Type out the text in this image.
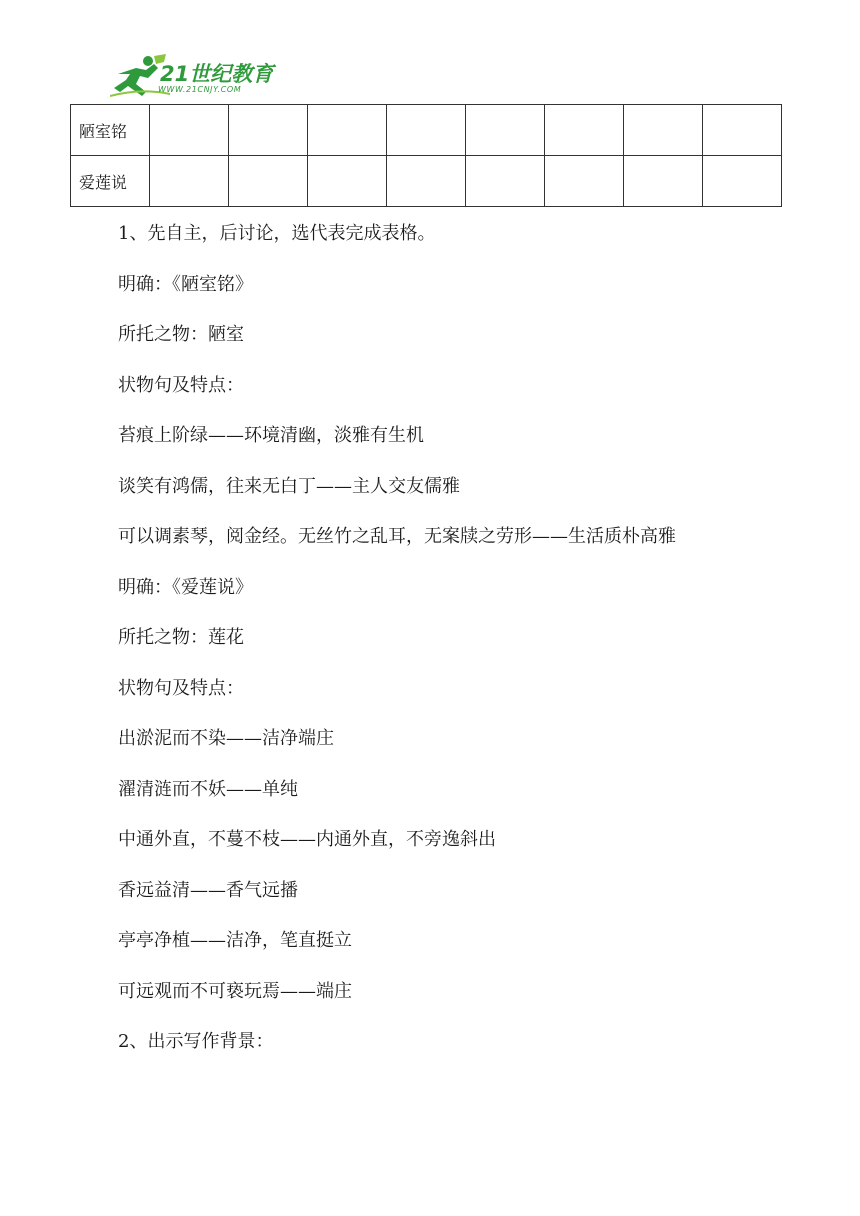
21世纪教育
WWW.21CNJY.COM
陋室铭								
爱莲说								
1、先自主，后讨论，选代表完成表格。
明确：《陋室铭》
所托之物：陋室
状物句及特点：
苔痕上阶绿——环境清幽，淡雅有生机
谈笑有鸿儒，往来无白丁——主人交友儒雅
可以调素琴，阅金经。无丝竹之乱耳，无案牍之劳形——生活质朴高雅
明确：《爱莲说》
所托之物：莲花
状物句及特点：
出淤泥而不染——洁净端庄
濯清涟而不妖——单纯
中通外直，不蔓不枝——内通外直，不旁逸斜出
香远益清——香气远播
亭亭净植——洁净，笔直挺立
可远观而不可亵玩焉——端庄
2、出示写作背景：
